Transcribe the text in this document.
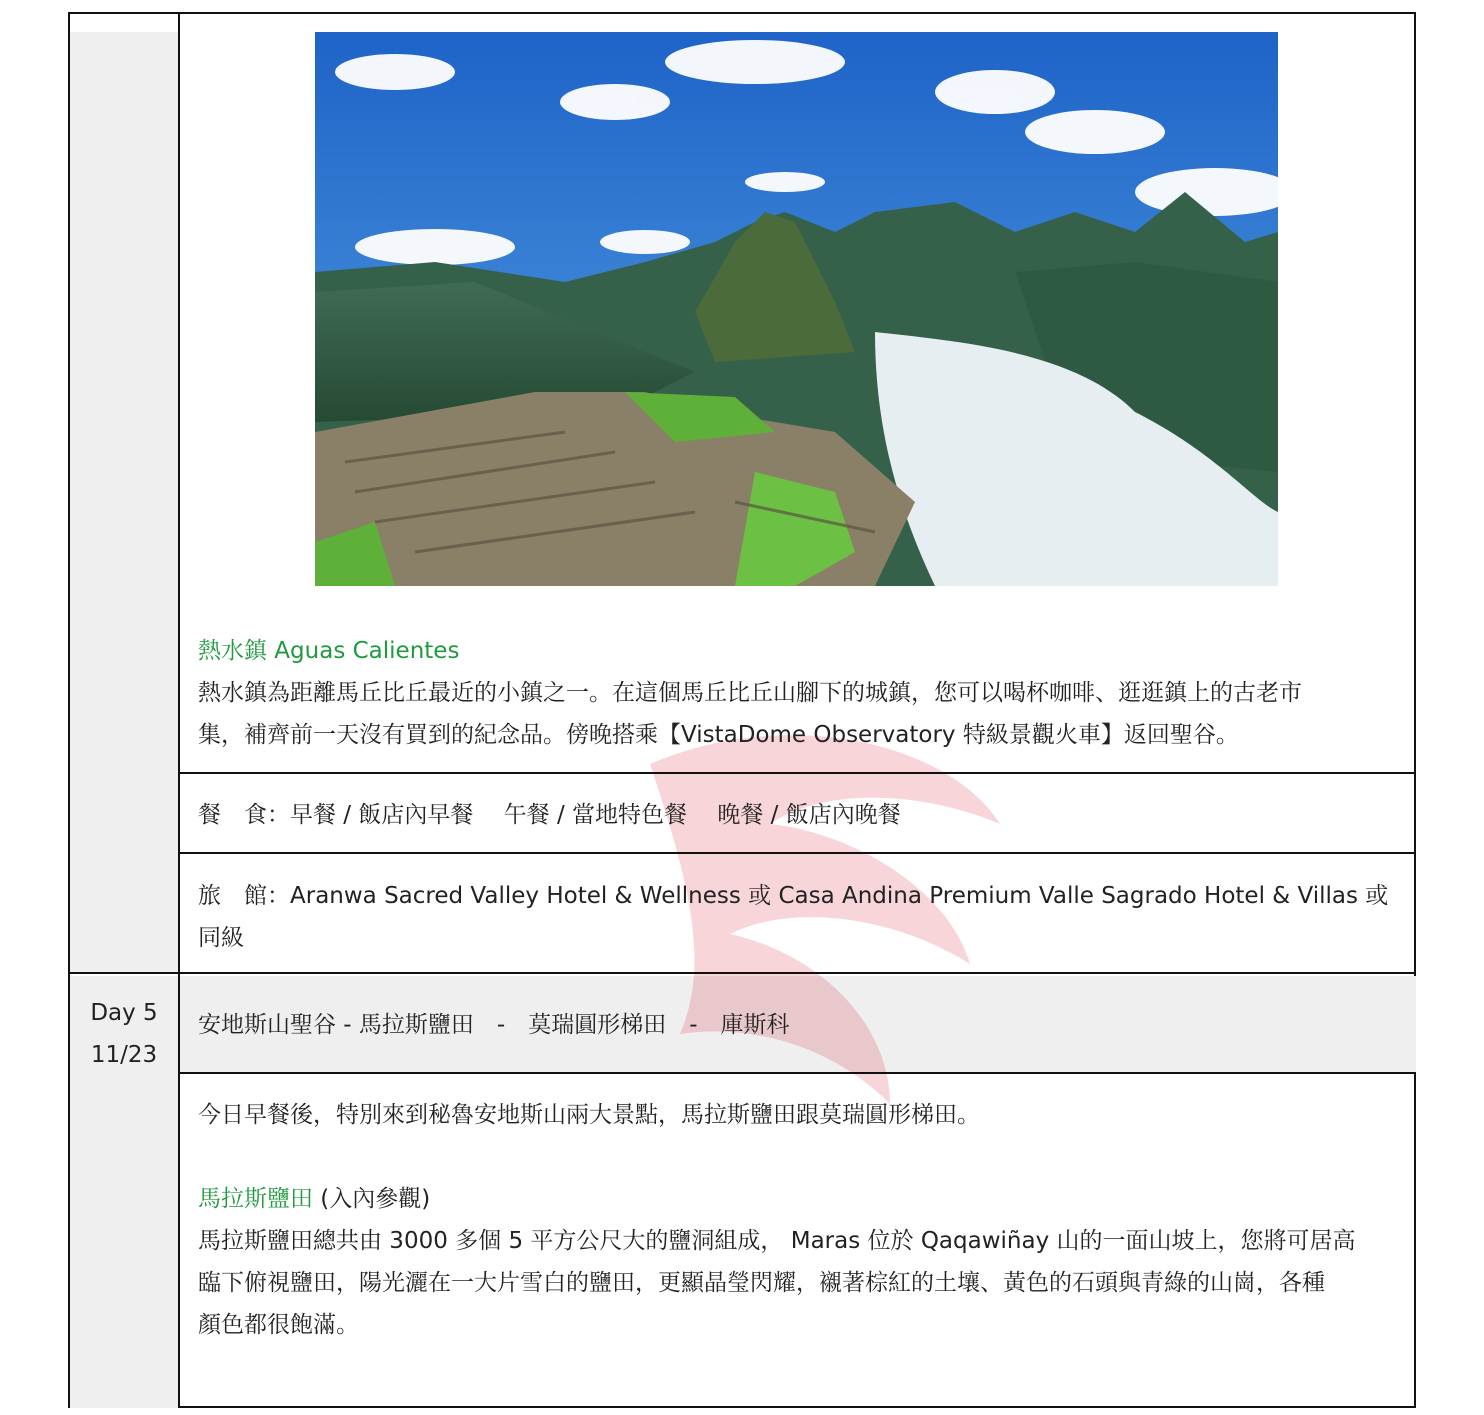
熱水鎮 Aguas Calientes
熱水鎮為距離馬丘比丘最近的小鎮之一。在這個馬丘比丘山腳下的城鎮，您可以喝杯咖啡、逛逛鎮上的古老市
集，補齊前一天沒有買到的紀念品。傍晚搭乘【VistaDome Observatory 特級景觀火車】返回聖谷。
餐　食：早餐 / 飯店內早餐　 午餐 / 當地特色餐　 晚餐 / 飯店內晚餐
旅　館：Aranwa Sacred Valley Hotel & Wellness 或 Casa Andina Premium Valle Sagrado Hotel & Villas 或
同級
Day 5
11/23
安地斯山聖谷 - 馬拉斯鹽田　-　莫瑞圓形梯田　-　庫斯科
今日早餐後，特別來到秘魯安地斯山兩大景點，馬拉斯鹽田跟莫瑞圓形梯田。
馬拉斯鹽田 (入內參觀)
馬拉斯鹽田總共由 3000 多個 5 平方公尺大的鹽洞組成， Maras 位於 Qaqawiñay 山的一面山坡上，您將可居高
臨下俯視鹽田，陽光灑在一大片雪白的鹽田，更顯晶瑩閃耀，襯著棕紅的土壤、黃色的石頭與青綠的山崗，各種
顏色都很飽滿。
